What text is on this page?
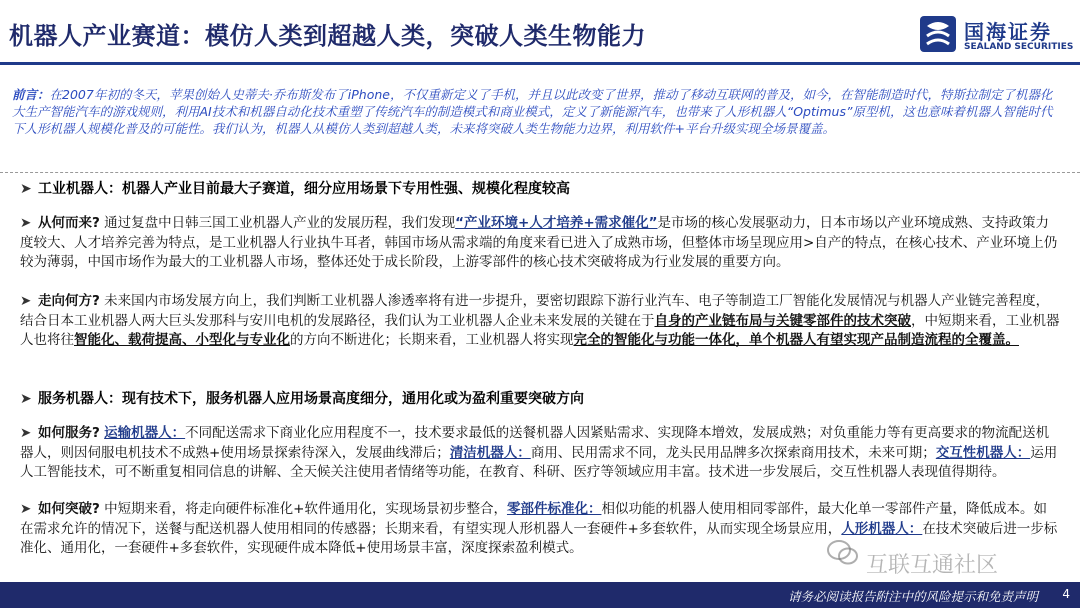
机器人产业赛道：模仿人类到超越人类，突破人类生物能力	国海证券
SEALAND SECURITIES
前言：在2007年初的冬天，苹果创始人史蒂夫·乔布斯发布了iPhone，不仅重新定义了手机，并且以此改变了世界，推动了移动互联网的普及，如今，在智能制造时代，特斯拉制定了机器化大生产智能汽车的游戏规则，利用AI技术和机器自动化技术重塑了传统汽车的制造模式和商业模式，定义了新能源汽车，也带来了人形机器人“Optimus”原型机，这也意味着机器人智能时代下人形机器人规模化普及的可能性。我们认为，机器人从模仿人类到超越人类，未来将突破人类生物能力边界，利用软件+平台升级实现全场景覆盖。
➤ 工业机器人：机器人产业目前最大子赛道，细分应用场景下专用性强、规模化程度较高
➤ 从何而来? 通过复盘中日韩三国工业机器人产业的发展历程，我们发现“产业环境+人才培养+需求催化”是市场的核心发展驱动力，日本市场以产业环境成熟、支持政策力度较大、人才培养完善为特点，是工业机器人行业执牛耳者，韩国市场从需求端的角度来看已进入了成熟市场，但整体市场呈现应用>自产的特点，在核心技术、产业环境上仍较为薄弱，中国市场作为最大的工业机器人市场，整体还处于成长阶段，上游零部件的核心技术突破将成为行业发展的重要方向。
➤ 走向何方? 未来国内市场发展方向上，我们判断工业机器人渗透率将有进一步提升，要密切跟踪下游行业汽车、电子等制造工厂智能化发展情况与机器人产业链完善程度，结合日本工业机器人两大巨头发那科与安川电机的发展路径，我们认为工业机器人企业未来发展的关键在于自身的产业链布局与关键零部件的技术突破，中短期来看，工业机器人也将往智能化、载荷提高、小型化与专业化的方向不断进化；长期来看，工业机器人将实现完全的智能化与功能一体化，单个机器人有望实现产品制造流程的全覆盖。
➤ 服务机器人：现有技术下，服务机器人应用场景高度细分，通用化或为盈利重要突破方向
➤ 如何服务? 运输机器人：不同配送需求下商业化应用程度不一，技术要求最低的送餐机器人因紧贴需求、实现降本增效，发展成熟；对负重能力等有更高要求的物流配送机器人，则因伺服电机技术不成熟+使用场景探索待深入，发展曲线滞后；清洁机器人：商用、民用需求不同，龙头民用品牌多次探索商用技术，未来可期；交互性机器人：运用人工智能技术，可不断重复相同信息的讲解、全天候关注使用者情绪等功能，在教育、科研、医疗等领域应用丰富。技术进一步发展后，交互性机器人表现值得期待。
➤ 如何突破? 中短期来看，将走向硬件标准化+软件通用化，实现场景初步整合，零部件标准化：相似功能的机器人使用相同零部件，最大化单一零部件产量，降低成本。如在需求允许的情况下，送餐与配送机器人使用相同的传感器；长期来看，有望实现人形机器人一套硬件+多套软件，从而实现全场景应用，人形机器人：在技术突破后进一步标准化、通用化，一套硬件+多套软件，实现硬件成本降低+使用场景丰富，深度探索盈利模式。
互联互通社区
请务必阅读报告附注中的风险提示和免责声明 4
